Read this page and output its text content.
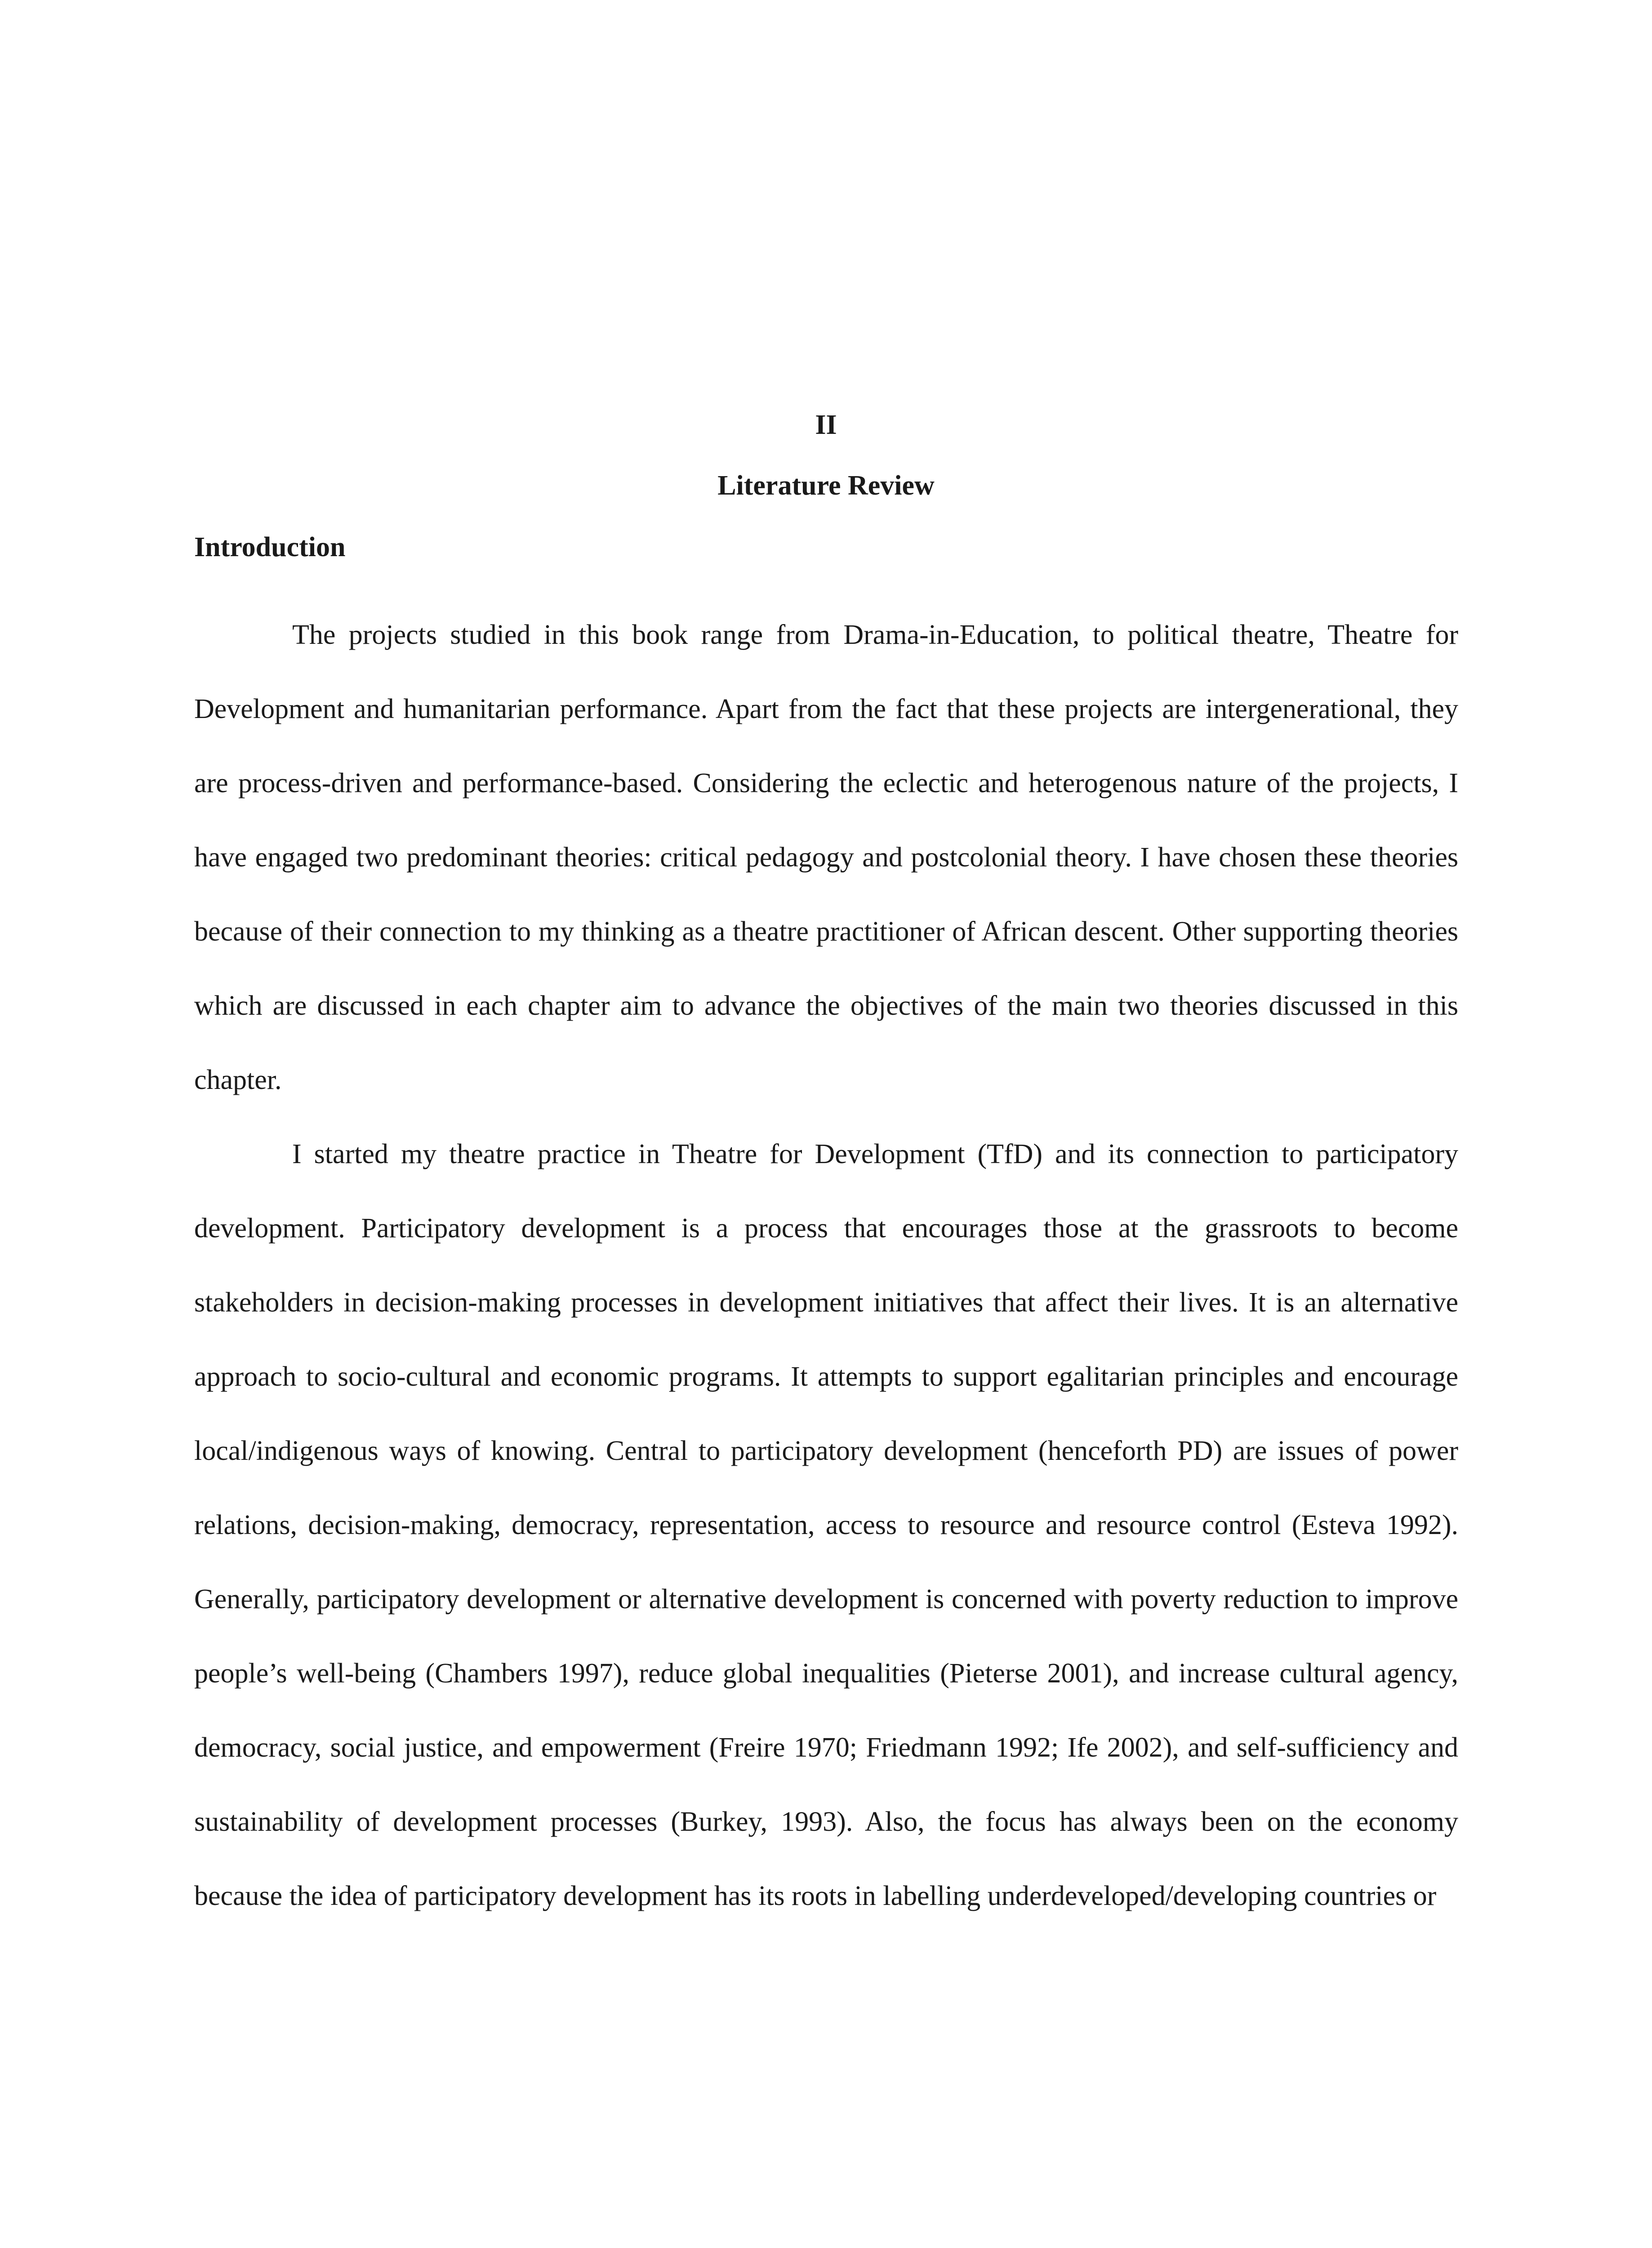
II
Literature Review
Introduction

The projects studied in this book range from Drama-in-Education, to political theatre, Theatre for Development and humanitarian performance. Apart from the fact that these projects are intergenerational, they are process-driven and performance-based. Considering the eclectic and heterogenous nature of the projects, I have engaged two predominant theories: critical pedagogy and postcolonial theory. I have chosen these theories because of their connection to my thinking as a theatre practitioner of African descent. Other supporting theories which are discussed in each chapter aim to advance the objectives of the main two theories discussed in this chapter.

I started my theatre practice in Theatre for Development (TfD) and its connection to participatory development. Participatory development is a process that encourages those at the grassroots to become stakeholders in decision-making processes in development initiatives that affect their lives. It is an alternative approach to socio-cultural and economic programs. It attempts to support egalitarian principles and encourage local/indigenous ways of knowing. Central to participatory development (henceforth PD) are issues of power relations, decision-making, democracy, representation, access to resource and resource control (Esteva 1992). Generally, participatory development or alternative development is concerned with poverty reduction to improve people’s well-being (Chambers 1997), reduce global inequalities (Pieterse 2001), and increase cultural agency, democracy, social justice, and empowerment (Freire 1970; Friedmann 1992; Ife 2002), and self-sufficiency and sustainability of development processes (Burkey, 1993). Also, the focus has always been on the economy because the idea of participatory development has its roots in labelling underdeveloped/developing countries or
